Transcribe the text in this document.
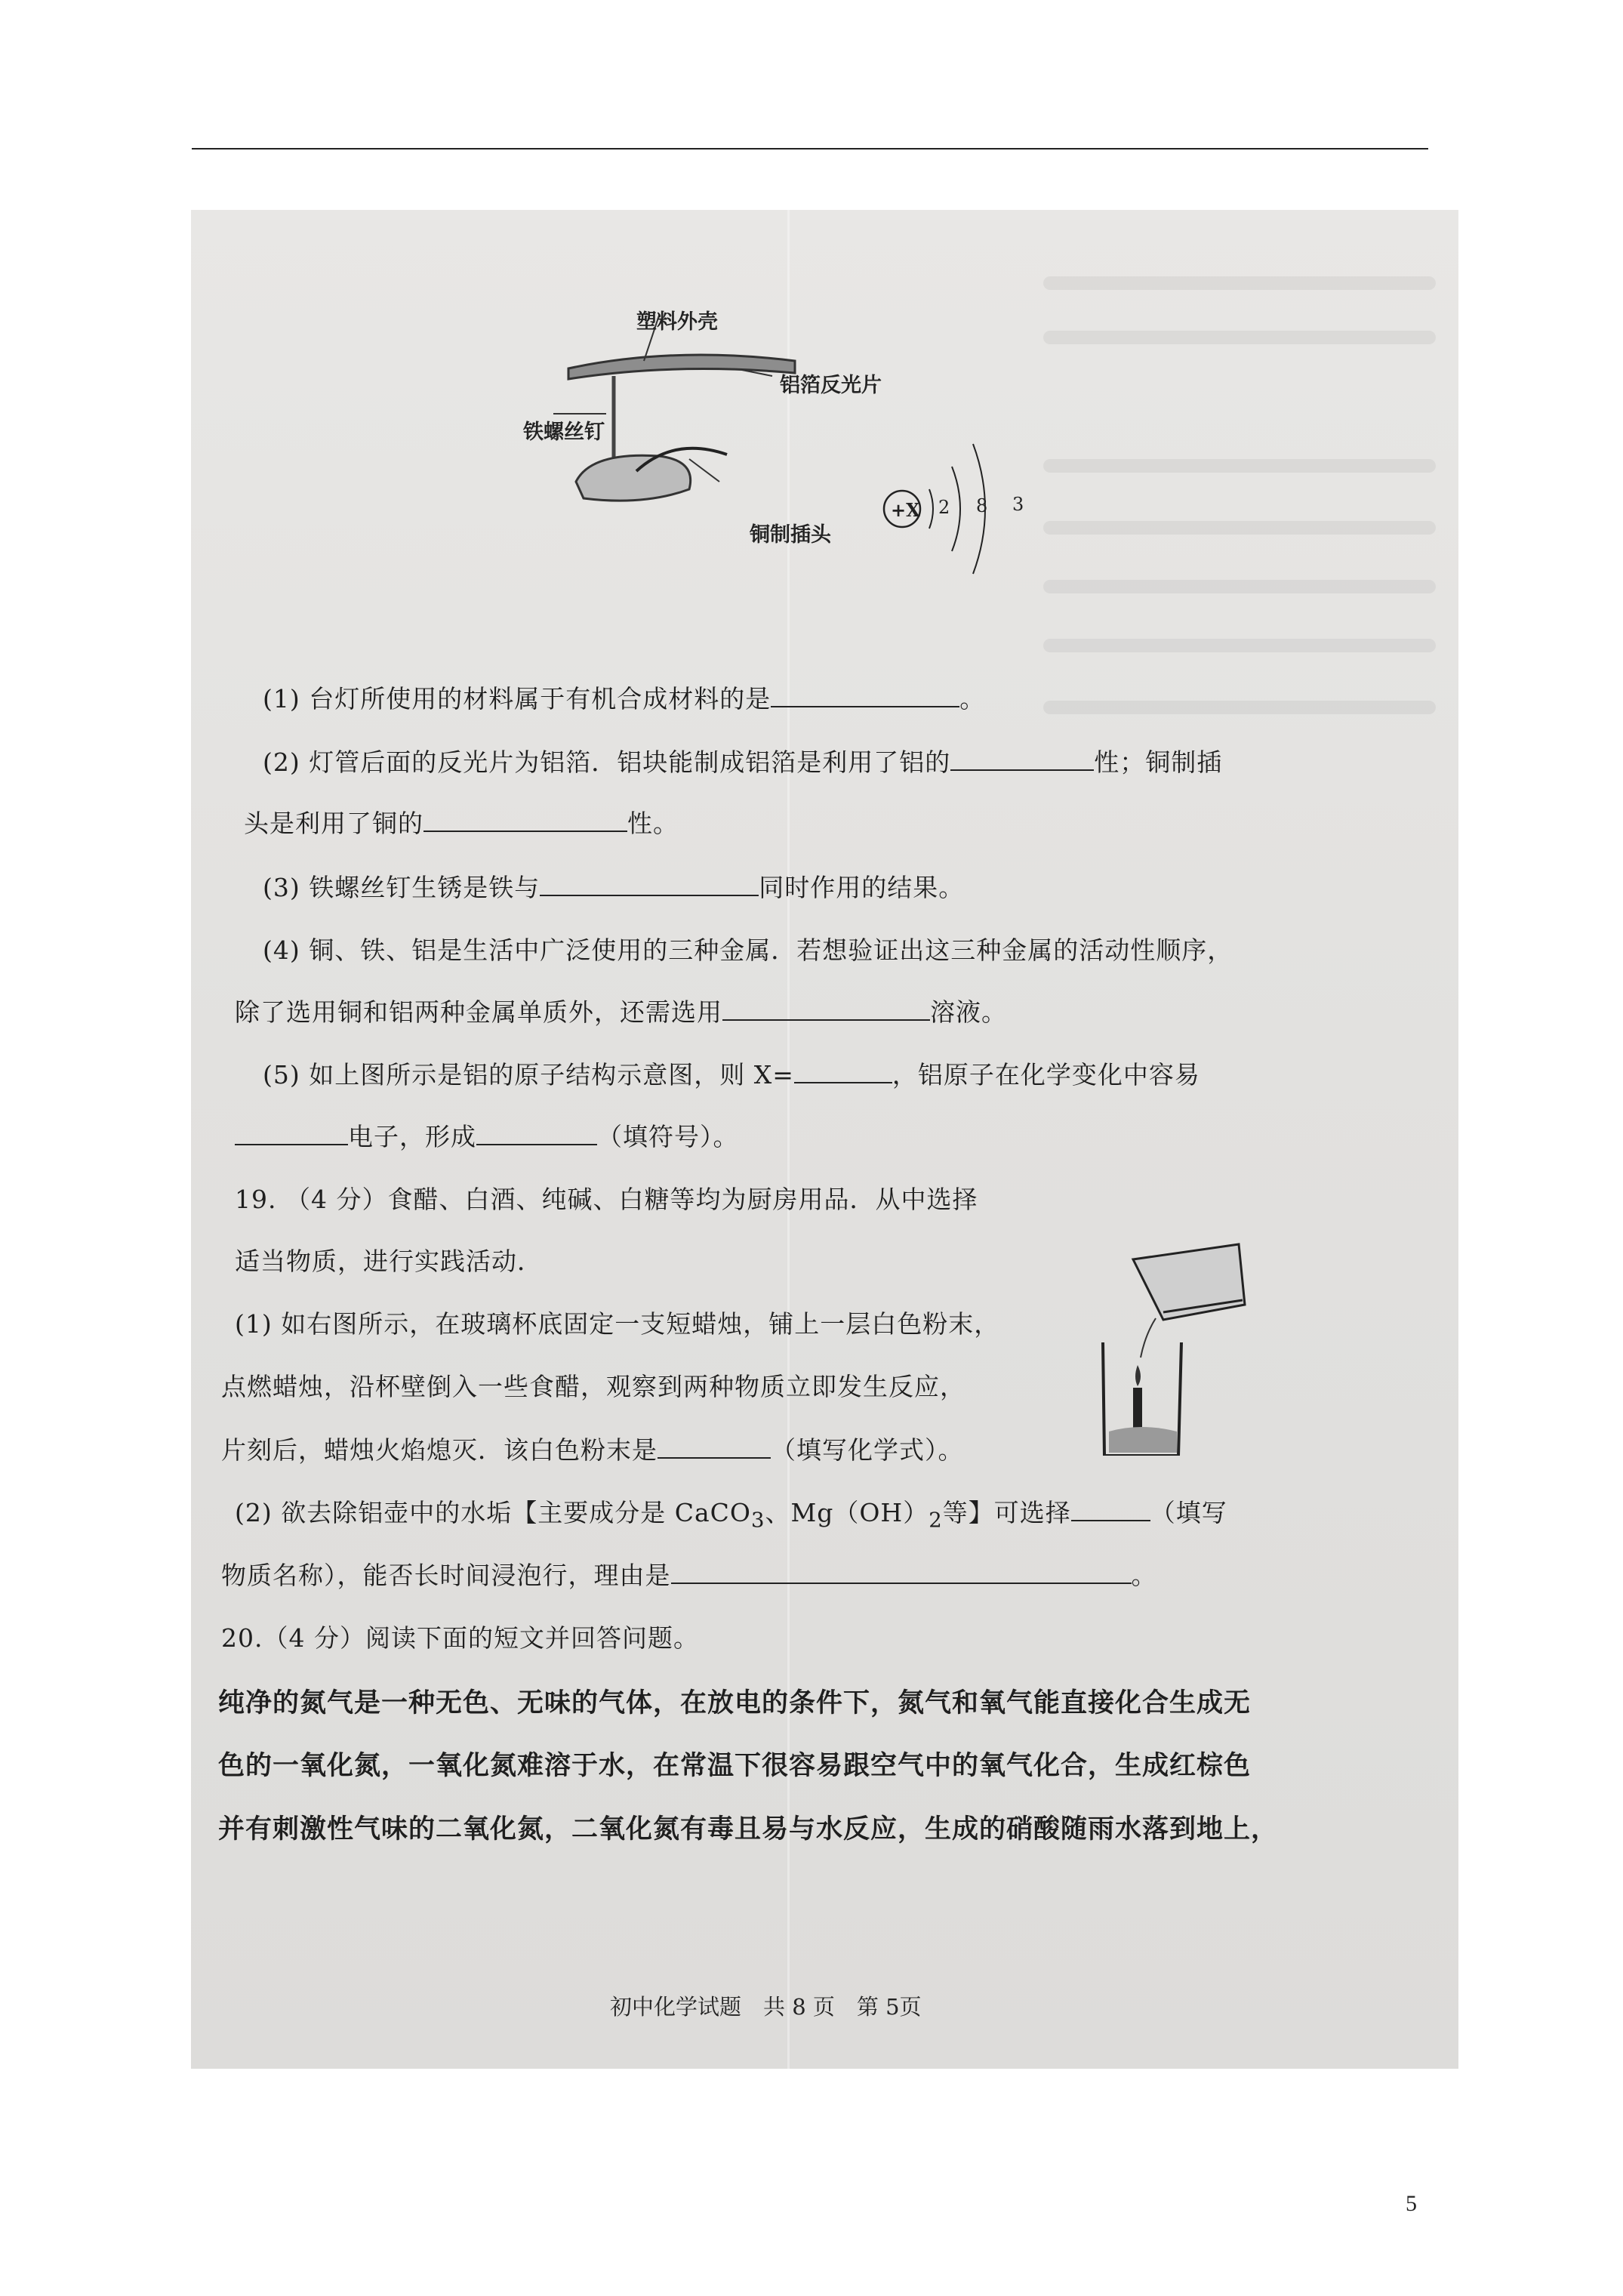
塑料外壳
铝箔反光片
铁螺丝钉
铜制插头
+X 2 8 3
(1) 台灯所使用的材料属于有机合成材料的是	。
(2) 灯管后面的反光片为铝箔．铝块能制成铝箔是利用了铝的	性；铜制插
头是利用了铜的	性。
(3) 铁螺丝钉生锈是铁与	同时作用的结果。
(4) 铜、铁、铝是生活中广泛使用的三种金属．若想验证出这三种金属的活动性顺序，
除了选用铜和铝两种金属单质外，还需选用	溶液。
(5) 如上图所示是铝的原子结构示意图，则 X=	，铝原子在化学变化中容易
电子，形成	（填符号）。
19. （4 分）食醋、白酒、纯碱、白糖等均为厨房用品．从中选择
适当物质，进行实践活动．
(1) 如右图所示，在玻璃杯底固定一支短蜡烛，铺上一层白色粉末，
点燃蜡烛，沿杯壁倒入一些食醋，观察到两种物质立即发生反应，
片刻后，蜡烛火焰熄灭．该白色粉末是	（填写化学式）。
(2) 欲去除铝壶中的水垢【主要成分是 CaCO$_3$、$Mg(OH)_2$等】可选择	（填写
物质名称），能否长时间浸泡行，理由是	。
20.（4 分）阅读下面的短文并回答问题。
纯净的氮气是一种无色、无味的气体，在放电的条件下，氮气和氧气能直接化合生成无
色的一氧化氮，一氧化氮难溶于水，在常温下很容易跟空气中的氧气化合，生成红棕色
并有刺激性气味的二氧化氮，二氧化氮有毒且易与水反应，生成的硝酸随雨水落到地上，
初中化学试题　共 8 页　第 5页
5
